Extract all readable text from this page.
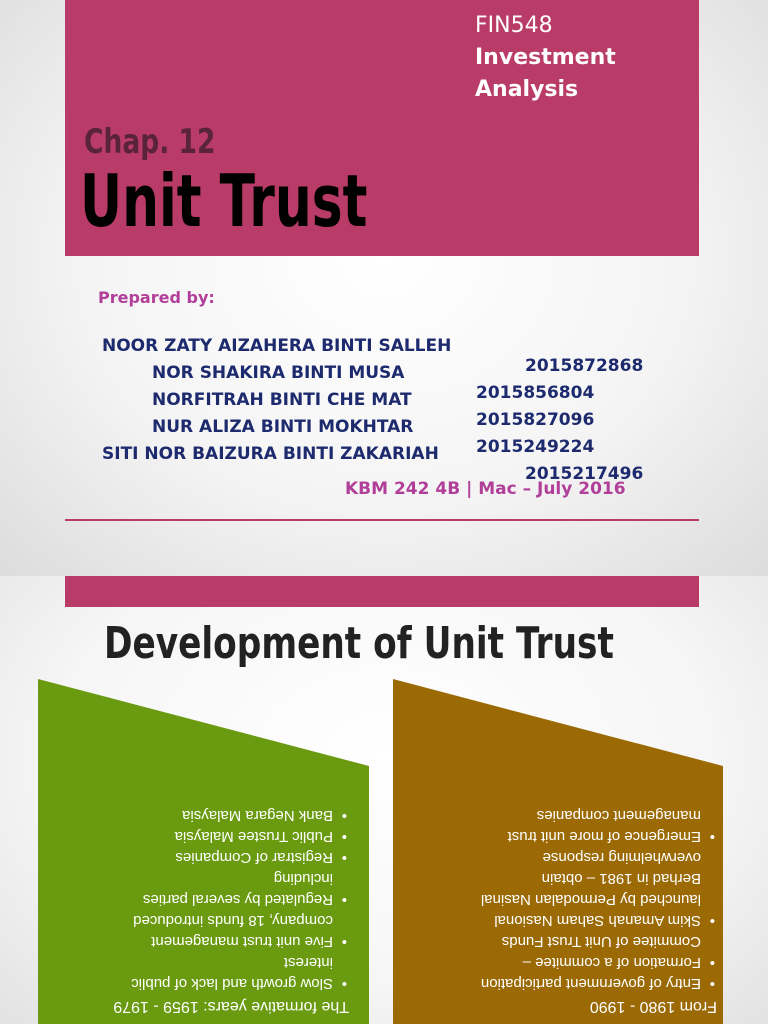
FIN548
Investment
Analysis
Chap. 12
Unit Trust
Prepared by:

NOOR ZATY AIZAHERA BINTI SALLEH

2015872868

NOR SHAKIRA BINTI MUSA

2015856804

NORFITRAH BINTI CHE MAT

2015827096

NUR ALIZA BINTI MOKHTAR

2015249224

SITI NOR BAIZURA BINTI ZAKARIAH

2015217496

KBM 242 4B | Mac – July 2016
Development of Unit Trust
The formative years: 1959 - 1979
• Slow growth and lack of public
interest
• Five unit trust management
company, 18 funds introduced
• Regulated by several parties
including
• Registrar of Companies
• Public Trustee Malaysia
• Bank Negara Malaysia
From 1980 - 1990
• Entry of government participation
• Formation of a commitee –
Commitee of Unit Trust Funds
• Skim Amanah Saham Nasional
launched by Permodalan Nasinal
Berhad in 1981 – obtain
overwhelming response
• Emergence of more unit trust
management companies
